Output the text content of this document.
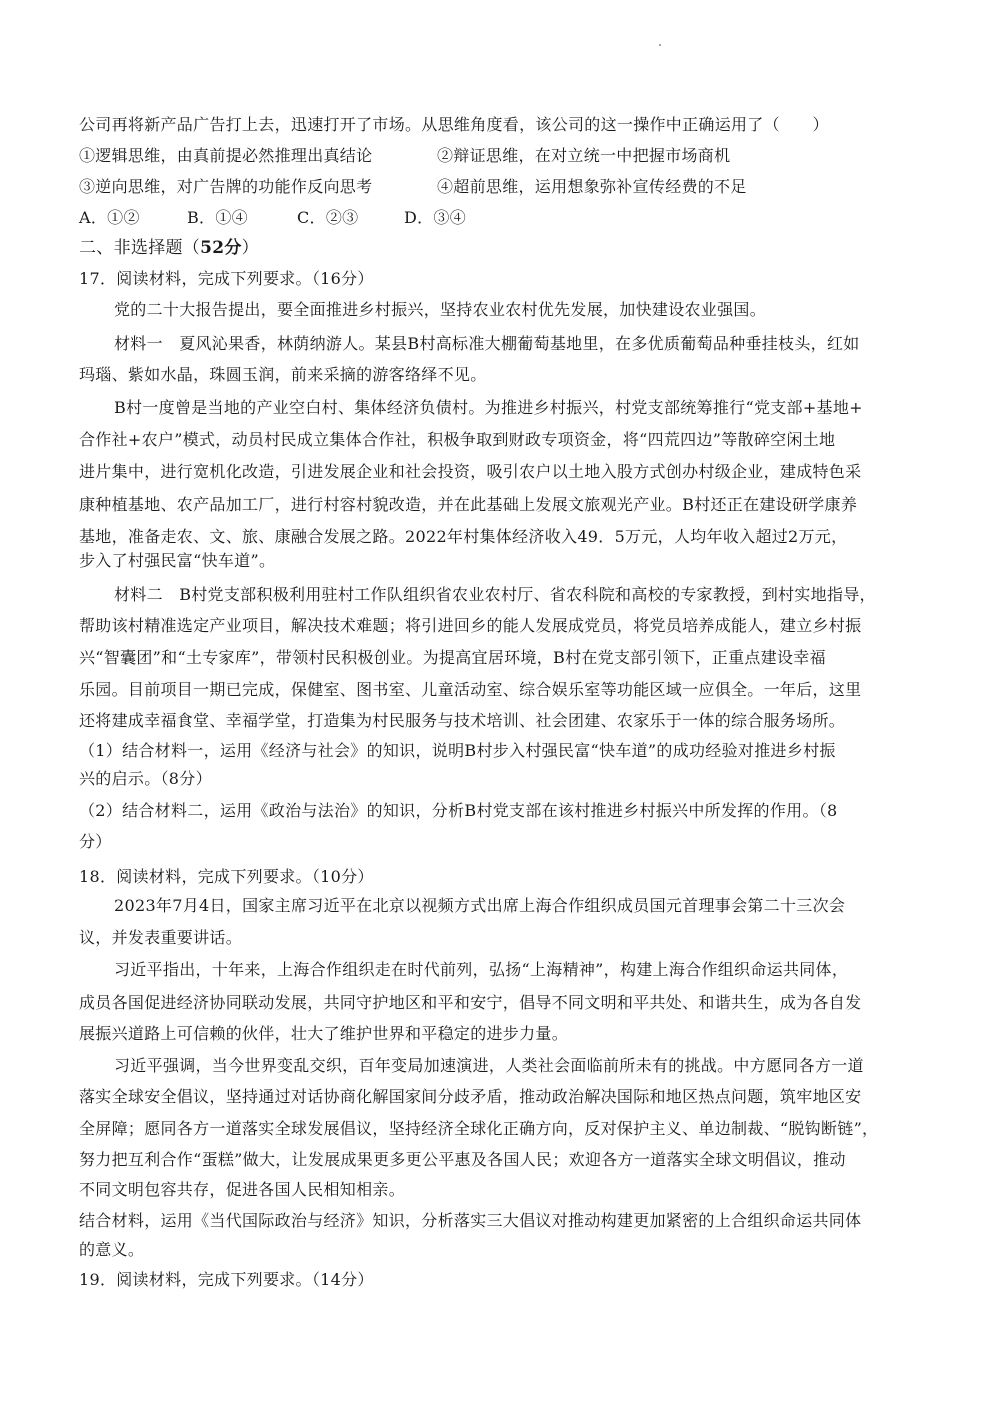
公司再将新产品广告打上去，迅速打开了市场。从思维角度看，该公司的这一操作中正确运用了（　　）
①逻辑思维，由真前提必然推理出真结论	②辩证思维，在对立统一中把握市场商机
③逆向思维，对广告牌的功能作反向思考	④超前思维，运用想象弥补宣传经费的不足
A．①②	B．①④	C．②③	D．③④
二、非选择题（52分）
17．阅读材料，完成下列要求。（16分）
党的二十大报告提出，要全面推进乡村振兴，坚持农业农村优先发展，加快建设农业强国。
材料一　夏风沁果香，林荫纳游人。某县B村高标准大棚葡萄基地里，在多优质葡萄品种垂挂枝头，红如
玛瑙、紫如水晶，珠圆玉润，前来采摘的游客络绎不见。
B村一度曾是当地的产业空白村、集体经济负债村。为推进乡村振兴，村党支部统筹推行“党支部+基地+
合作社+农户”模式，动员村民成立集体合作社，积极争取到财政专项资金，将“四荒四边”等散碎空闲土地
进片集中，进行宽机化改造，引进发展企业和社会投资，吸引农户以土地入股方式创办村级企业，建成特色采
康种植基地、农产品加工厂，进行村容村貌改造，并在此基础上发展文旅观光产业。B村还正在建设研学康养
基地，准备走农、文、旅、康融合发展之路。2022年村集体经济收入49．5万元，人均年收入超过2万元，
步入了村强民富“快车道”。
材料二　B村党支部积极利用驻村工作队组织省农业农村厅、省农科院和高校的专家教授，到村实地指导，
帮助该村精准选定产业项目，解决技术难题；将引进回乡的能人发展成党员，将党员培养成能人，建立乡村振
兴“智囊团”和“土专家库”，带领村民积极创业。为提高宜居环境，B村在党支部引领下，正重点建设幸福
乐园。目前项目一期已完成，保健室、图书室、儿童活动室、综合娱乐室等功能区域一应俱全。一年后，这里
还将建成幸福食堂、幸福学堂，打造集为村民服务与技术培训、社会团建、农家乐于一体的综合服务场所。
（1）结合材料一，运用《经济与社会》的知识，说明B村步入村强民富“快车道”的成功经验对推进乡村振
兴的启示。（8分）
（2）结合材料二，运用《政治与法治》的知识，分析B村党支部在该村推进乡村振兴中所发挥的作用。（8
分）
18．阅读材料，完成下列要求。（10分）
2023年7月4日，国家主席习近平在北京以视频方式出席上海合作组织成员国元首理事会第二十三次会
议，并发表重要讲话。
习近平指出，十年来，上海合作组织走在时代前列，弘扬“上海精神”，构建上海合作组织命运共同体，
成员各国促进经济协同联动发展，共同守护地区和平和安宁，倡导不同文明和平共处、和谐共生，成为各自发
展振兴道路上可信赖的伙伴，壮大了维护世界和平稳定的进步力量。
习近平强调，当今世界变乱交织，百年变局加速演进，人类社会面临前所未有的挑战。中方愿同各方一道
落实全球安全倡议，坚持通过对话协商化解国家间分歧矛盾，推动政治解决国际和地区热点问题，筑牢地区安
全屏障；愿同各方一道落实全球发展倡议，坚持经济全球化正确方向，反对保护主义、单边制裁、“脱钩断链”，
努力把互利合作“蛋糕”做大，让发展成果更多更公平惠及各国人民；欢迎各方一道落实全球文明倡议，推动
不同文明包容共存，促进各国人民相知相亲。
结合材料，运用《当代国际政治与经济》知识，分析落实三大倡议对推动构建更加紧密的上合组织命运共同体
的意义。
19．阅读材料，完成下列要求。（14分）
